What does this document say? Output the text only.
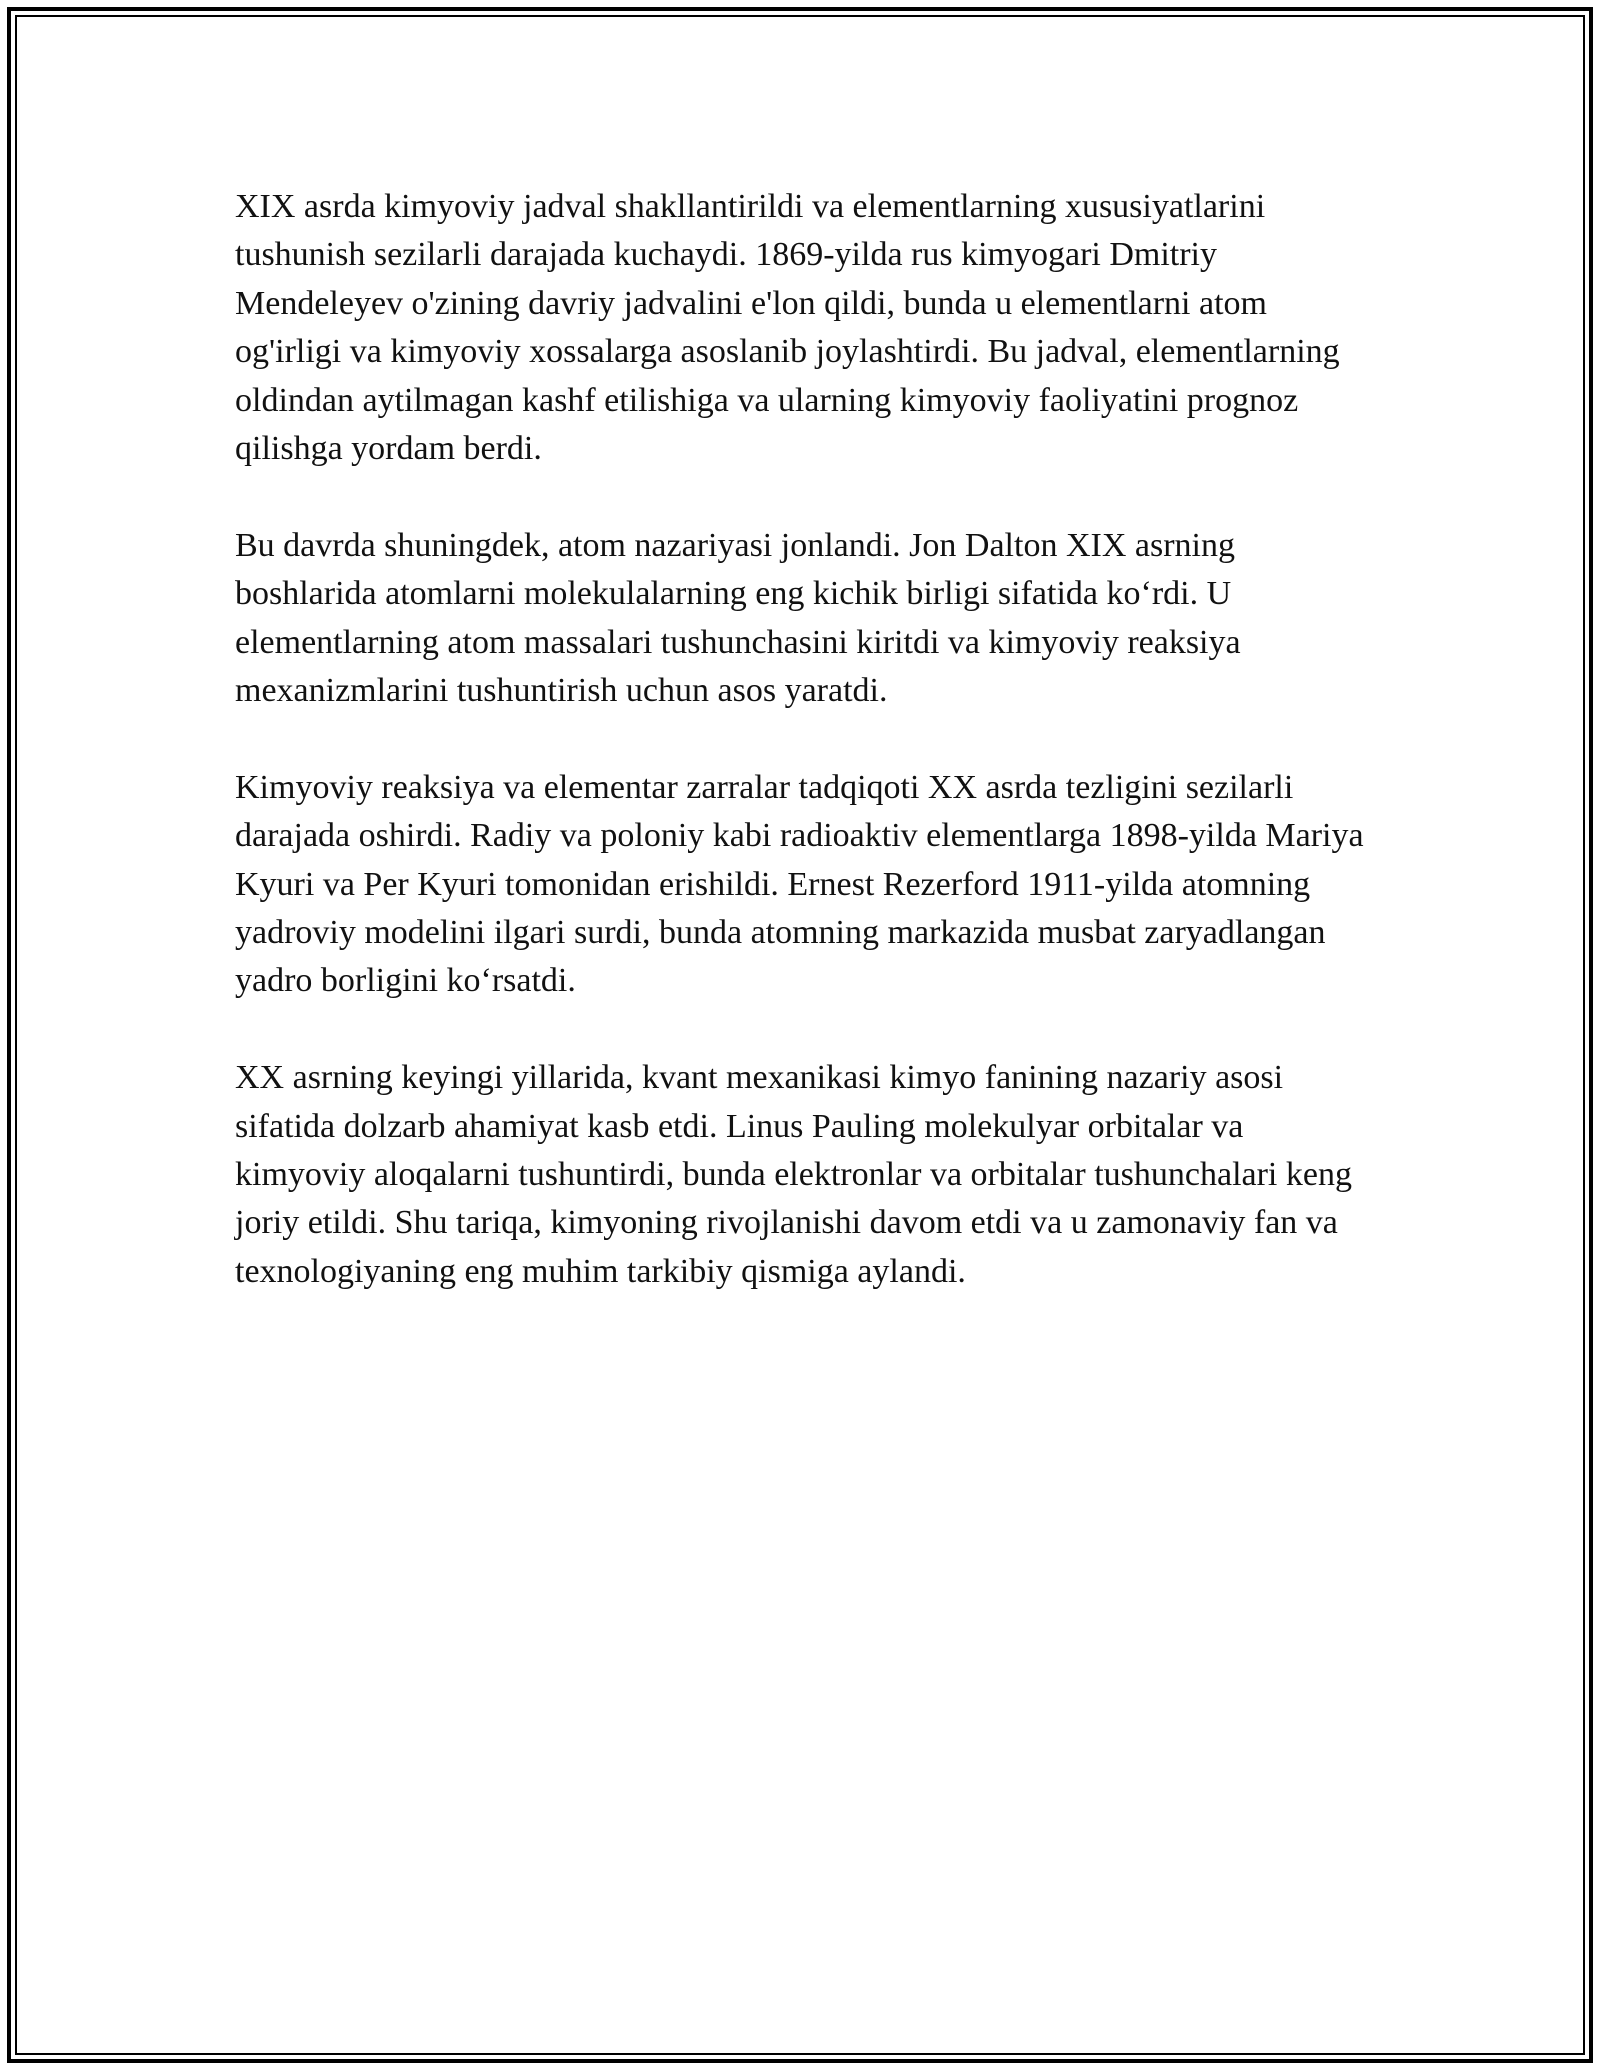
XIX asrda kimyoviy jadval shakllantirildi va elementlarning xususiyatlarini tushunish sezilarli darajada kuchaydi. 1869-yilda rus kimyogari Dmitriy Mendeleyev o'zining davriy jadvalini e'lon qildi, bunda u elementlarni atom og'irligi va kimyoviy xossalarga asoslanib joylashtirdi. Bu jadval, elementlarning oldindan aytilmagan kashf etilishiga va ularning kimyoviy faoliyatini prognoz qilishga yordam berdi.

Bu davrda shuningdek, atom nazariyasi jonlandi. Jon Dalton XIX asrning boshlarida atomlarni molekulalarning eng kichik birligi sifatida koʻrdi. U elementlarning atom massalari tushunchasini kiritdi va kimyoviy reaksiya mexanizmlarini tushuntirish uchun asos yaratdi.

Kimyoviy reaksiya va elementar zarralar tadqiqoti XX asrda tezligini sezilarli darajada oshirdi. Radiy va poloniy kabi radioaktiv elementlarga 1898-yilda Mariya Kyuri va Per Kyuri tomonidan erishildi. Ernest Rezerford 1911-yilda atomning yadroviy modelini ilgari surdi, bunda atomning markazida musbat zaryadlangan yadro borligini koʻrsatdi.

XX asrning keyingi yillarida, kvant mexanikasi kimyo fanining nazariy asosi sifatida dolzarb ahamiyat kasb etdi. Linus Pauling molekulyar orbitalar va kimyoviy aloqalarni tushuntirdi, bunda elektronlar va orbitalar tushunchalari keng joriy etildi. Shu tariqa, kimyoning rivojlanishi davom etdi va u zamonaviy fan va texnologiyaning eng muhim tarkibiy qismiga aylandi.
